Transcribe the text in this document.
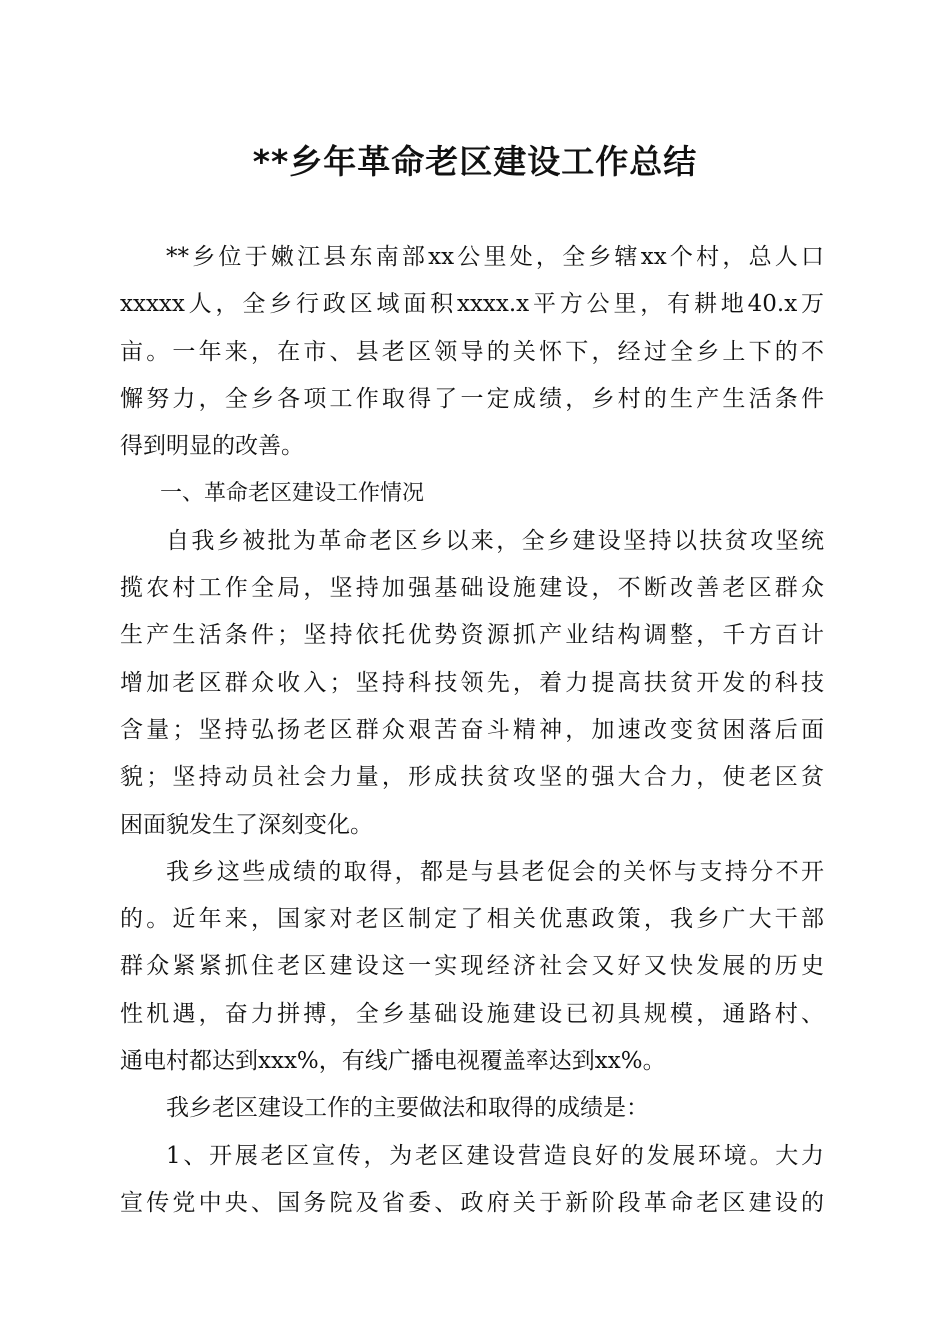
**乡年革命老区建设工作总结

**乡位于嫩江县东南部xx公里处，全乡辖xx个村，总人口
xxxxx人，全乡行政区域面积xxxx.x平方公里，有耕地40.x万
亩。一年来，在市、县老区领导的关怀下，经过全乡上下的不
懈努力，全乡各项工作取得了一定成绩，乡村的生产生活条件
得到明显的改善。

一、革命老区建设工作情况

自我乡被批为革命老区乡以来，全乡建设坚持以扶贫攻坚统
揽农村工作全局，坚持加强基础设施建设，不断改善老区群众
生产生活条件；坚持依托优势资源抓产业结构调整，千方百计
增加老区群众收入；坚持科技领先，着力提高扶贫开发的科技
含量；坚持弘扬老区群众艰苦奋斗精神，加速改变贫困落后面
貌；坚持动员社会力量，形成扶贫攻坚的强大合力，使老区贫
困面貌发生了深刻变化。

我乡这些成绩的取得，都是与县老促会的关怀与支持分不开
的。近年来，国家对老区制定了相关优惠政策，我乡广大干部
群众紧紧抓住老区建设这一实现经济社会又好又快发展的历史
性机遇，奋力拼搏，全乡基础设施建设已初具规模，通路村、
通电村都达到xxx%，有线广播电视覆盖率达到xx%。

我乡老区建设工作的主要做法和取得的成绩是：

1、开展老区宣传，为老区建设营造良好的发展环境。大力
宣传党中央、国务院及省委、政府关于新阶段革命老区建设的
